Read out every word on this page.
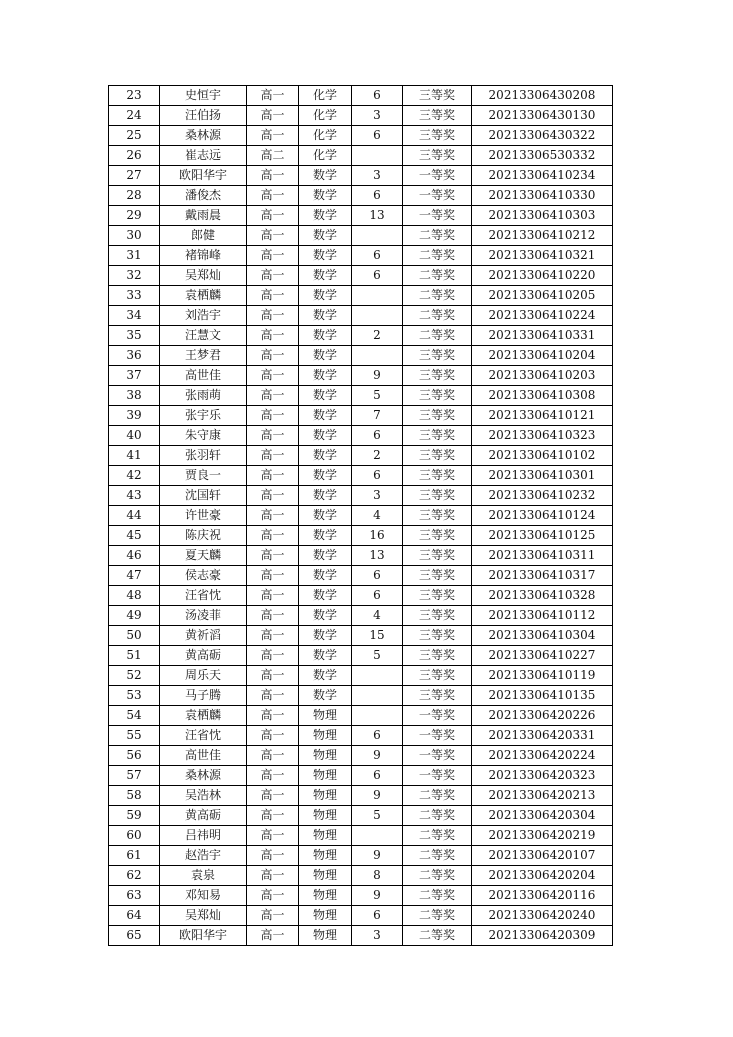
23	史恒宇	高一	化学	6	三等奖	20213306430208
24	汪伯扬	高一	化学	3	三等奖	20213306430130
25	桑林源	高一	化学	6	三等奖	20213306430322
26	崔志远	高二	化学		三等奖	20213306530332
27	欧阳华宇	高一	数学	3	一等奖	20213306410234
28	潘俊杰	高一	数学	6	一等奖	20213306410330
29	戴雨晨	高一	数学	13	一等奖	20213306410303
30	郎健	高一	数学		二等奖	20213306410212
31	褚锦峰	高一	数学	6	二等奖	20213306410321
32	吴郑灿	高一	数学	6	二等奖	20213306410220
33	袁栖麟	高一	数学		二等奖	20213306410205
34	刘浩宇	高一	数学		二等奖	20213306410224
35	汪慧文	高一	数学	2	二等奖	20213306410331
36	王梦君	高一	数学		三等奖	20213306410204
37	高世佳	高一	数学	9	三等奖	20213306410203
38	张雨萌	高一	数学	5	三等奖	20213306410308
39	张宇乐	高一	数学	7	三等奖	20213306410121
40	朱守康	高一	数学	6	三等奖	20213306410323
41	张羽轩	高一	数学	2	三等奖	20213306410102
42	贾良一	高一	数学	6	三等奖	20213306410301
43	沈国轩	高一	数学	3	三等奖	20213306410232
44	许世豪	高一	数学	4	三等奖	20213306410124
45	陈庆祝	高一	数学	16	三等奖	20213306410125
46	夏天麟	高一	数学	13	三等奖	20213306410311
47	侯志豪	高一	数学	6	三等奖	20213306410317
48	汪省忱	高一	数学	6	三等奖	20213306410328
49	汤凌菲	高一	数学	4	三等奖	20213306410112
50	黄祈滔	高一	数学	15	三等奖	20213306410304
51	黄高砺	高一	数学	5	三等奖	20213306410227
52	周乐天	高一	数学		三等奖	20213306410119
53	马子腾	高一	数学		三等奖	20213306410135
54	袁栖麟	高一	物理		一等奖	20213306420226
55	汪省忱	高一	物理	6	一等奖	20213306420331
56	高世佳	高一	物理	9	一等奖	20213306420224
57	桑林源	高一	物理	6	一等奖	20213306420323
58	吴浩林	高一	物理	9	二等奖	20213306420213
59	黄高砺	高一	物理	5	二等奖	20213306420304
60	吕祎明	高一	物理		二等奖	20213306420219
61	赵浩宇	高一	物理	9	二等奖	20213306420107
62	袁泉	高一	物理	8	二等奖	20213306420204
63	邓知易	高一	物理	9	二等奖	20213306420116
64	吴郑灿	高一	物理	6	二等奖	20213306420240
65	欧阳华宇	高一	物理	3	二等奖	20213306420309
